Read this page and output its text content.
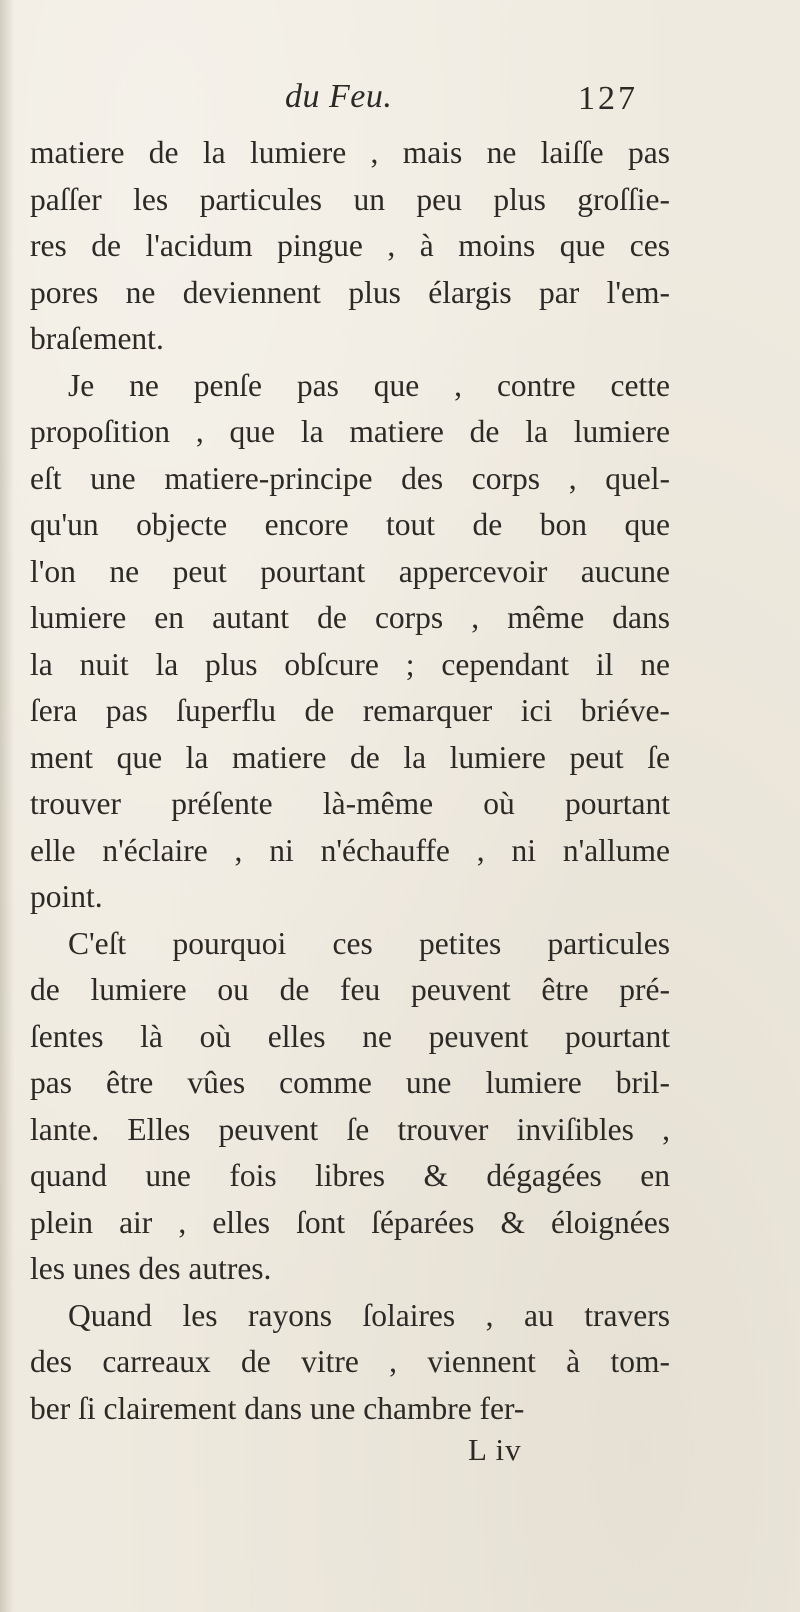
du Feu.	127
matiere de la lumiere , mais ne laiſſe pas
paſſer les particules un peu plus groſſie-
res de l'acidum pingue , à moins que ces
pores ne deviennent plus élargis par l'em-
braſement.
Je ne penſe pas que , contre cette
propoſition , que la matiere de la lumiere
eſt une matiere-principe des corps , quel-
qu'un objecte encore tout de bon que
l'on ne peut pourtant appercevoir aucune
lumiere en autant de corps , même dans
la nuit la plus obſcure ; cependant il ne
ſera pas ſuperflu de remarquer ici briéve-
ment que la matiere de la lumiere peut ſe
trouver préſente là-même où pourtant
elle n'éclaire , ni n'échauffe , ni n'allume
point.
C'eſt pourquoi ces petites particules
de lumiere ou de feu peuvent être pré-
ſentes là où elles ne peuvent pourtant
pas être vûes comme une lumiere bril-
lante. Elles peuvent ſe trouver inviſibles ,
quand une fois libres & dégagées en
plein air , elles ſont ſéparées & éloignées
les unes des autres.
Quand les rayons ſolaires , au travers
des carreaux de vitre , viennent à tom-
ber ſi clairement dans une chambre fer-
L iv
